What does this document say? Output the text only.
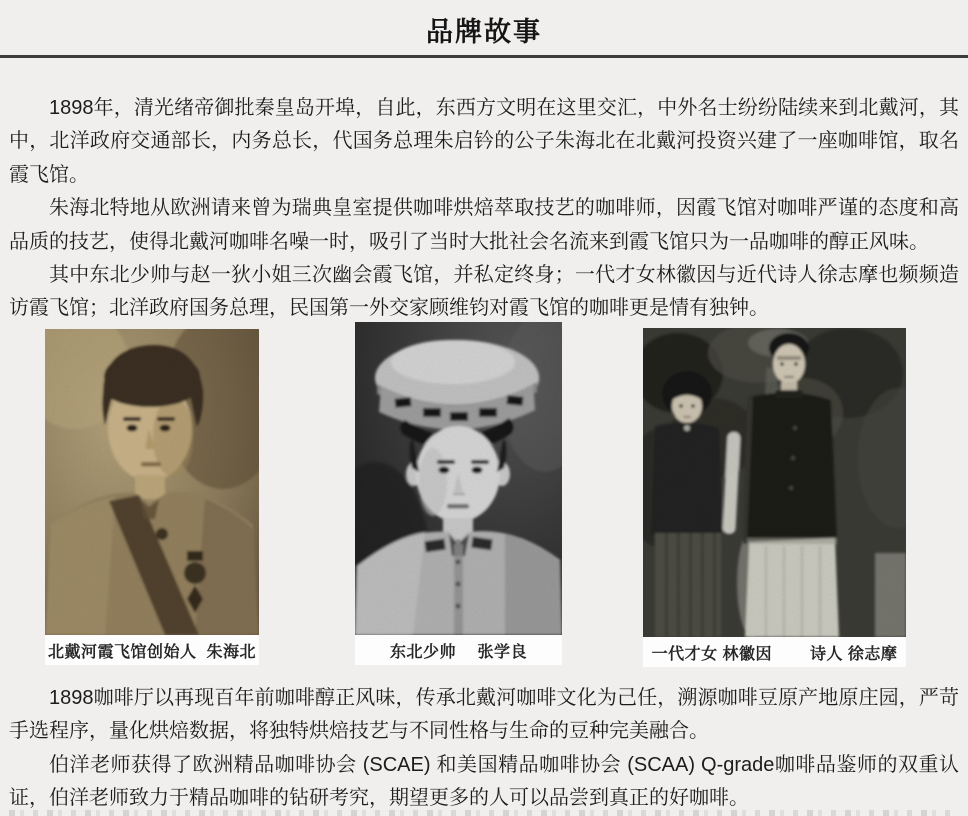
品牌故事

1898年，清光绪帝御批秦皇岛开埠，自此，东西方文明在这里交汇，中外名士纷纷陆续来到北戴河，其中，北洋政府交通部长，内务总长，代国务总理朱启钤的公子朱海北在北戴河投资兴建了一座咖啡馆，取名霞飞馆。

朱海北特地从欧洲请来曾为瑞典皇室提供咖啡烘焙萃取技艺的咖啡师，因霞飞馆对咖啡严谨的态度和高品质的技艺，使得北戴河咖啡名噪一时，吸引了当时大批社会名流来到霞飞馆只为一品咖啡的醇正风味。

其中东北少帅与赵一狄小姐三次幽会霞飞馆，并私定终身；一代才女林徽因与近代诗人徐志摩也频频造访霞飞馆；北洋政府国务总理，民国第一外交家顾维钧对霞飞馆的咖啡更是情有独钟。

北戴河霞飞馆创始人  朱海北	东北少帅　 张学良	一代才女 林徽因　　 诗人 徐志摩

1898咖啡厅以再现百年前咖啡醇正风味，传承北戴河咖啡文化为己任，溯源咖啡豆原产地原庄园，严苛手选程序，量化烘焙数据，将独特烘焙技艺与不同性格与生命的豆种完美融合。

伯洋老师获得了欧洲精品咖啡协会 (SCAE) 和美国精品咖啡协会 (SCAA) Q-grade咖啡品鉴师的双重认证，伯洋老师致力于精品咖啡的钻研考究，期望更多的人可以品尝到真正的好咖啡。
